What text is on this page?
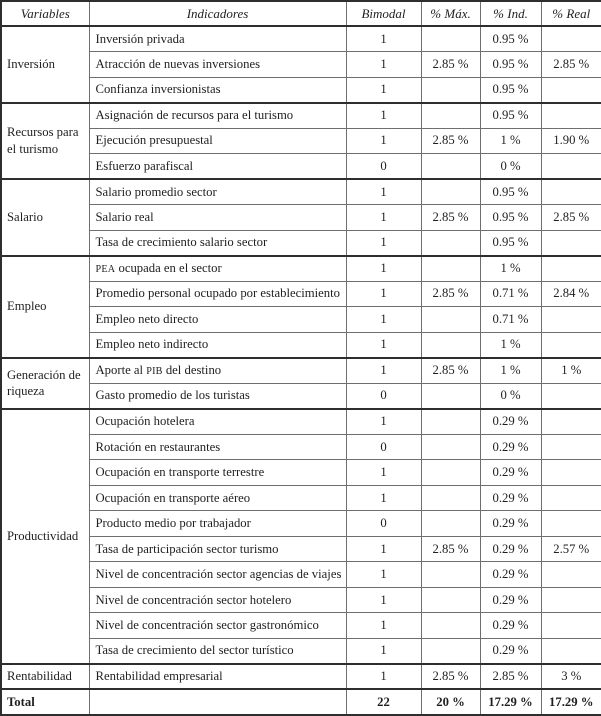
Variables	Indicadores	Bimodal	% Máx.	% Ind.	% Real
Inversión	Inversión privada	1		0.95 %	
	Atracción de nuevas inversiones	1	2.85 %	0.95 %	2.85 %
	Confianza inversionistas	1		0.95 %	
Recursos para el turismo	Asignación de recursos para el turismo	1		0.95 %	
	Ejecución presupuestal	1	2.85 %	1 %	1.90 %
	Esfuerzo parafiscal	0		0 %	
Salario	Salario promedio sector	1		0.95 %	
	Salario real	1	2.85 %	0.95 %	2.85 %
	Tasa de crecimiento salario sector	1		0.95 %	
Empleo	PEA ocupada en el sector	1		1 %	
	Promedio personal ocupado por establecimiento	1	2.85 %	0.71 %	2.84 %
	Empleo neto directo	1		0.71 %	
	Empleo neto indirecto	1		1 %	
Generación de riqueza	Aporte al PIB del destino	1	2.85 %	1 %	1 %
	Gasto promedio de los turistas	0		0 %	
Productividad	Ocupación hotelera	1		0.29 %	
	Rotación en restaurantes	0		0.29 %	
	Ocupación en transporte terrestre	1		0.29 %	
	Ocupación en transporte aéreo	1		0.29 %	
	Producto medio por trabajador	0		0.29 %	
	Tasa de participación sector turismo	1	2.85 %	0.29 %	2.57 %
	Nivel de concentración sector agencias de viajes	1		0.29 %	
	Nivel de concentración sector hotelero	1		0.29 %	
	Nivel de concentración sector gastronómico	1		0.29 %	
	Tasa de crecimiento del sector turístico	1		0.29 %	
Rentabilidad	Rentabilidad empresarial	1	2.85 %	2.85 %	3 %
Total		22	20 %	17.29 %	17.29 %
